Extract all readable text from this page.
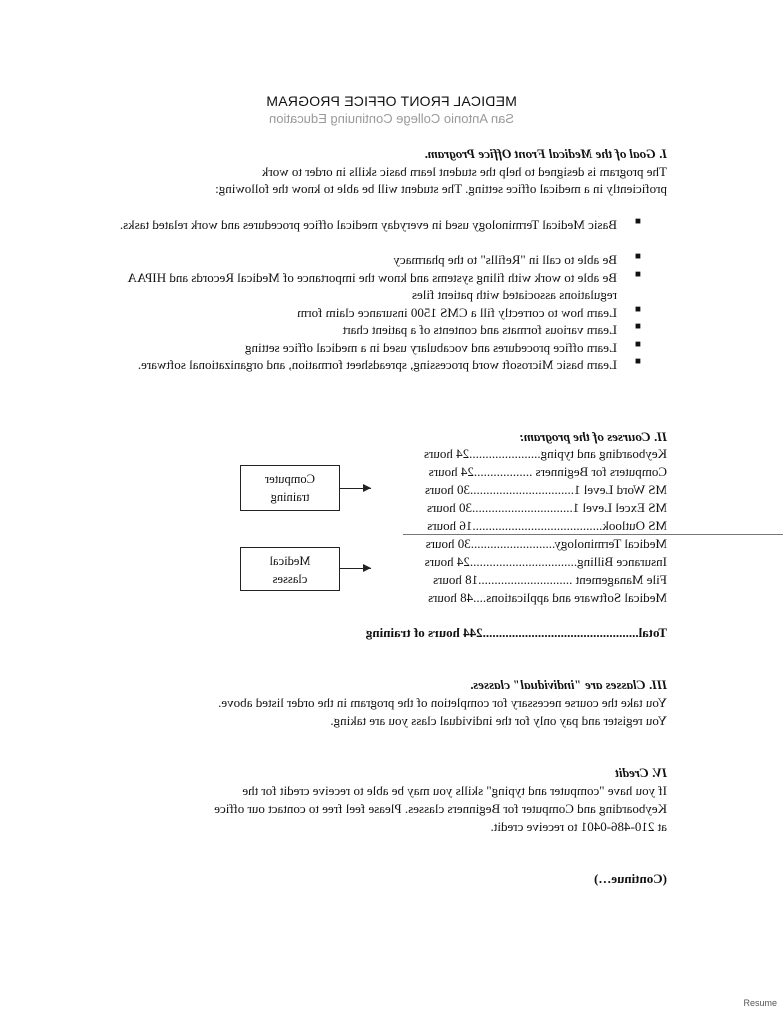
MEDICAL FRONT OFFICE PROGRAM
San Antonio College Continuing Education
I. Goal of the Medical Front Office Program.
The program is designed to help the student learn basic skills in order to work
proficiently in a medical office setting. The student will be able to know the following:
■
Basic Medical Terminology used in everyday medical office procedures and work related tasks.
■
Be able to call in "Refills" to the pharmacy
■
Be able to work with filing systems and know the importance of Medical Records and HIPAA regulations associated with patient files
■
Learn how to correctly fill a CMS 1500 insurance claim form
■
Learn various formats and contents of a patient chart
■
Learn office procedures and vocabulary used in a medical office setting
■
Learn basic Microsoft word processing, spreadsheet formation, and organizational software.
II. Courses of the program:
Keyboarding and typing......................24 hours
Computers for Beginners ..................24 hours
MS Word Level 1................................30 hours
MS Excel Level 1...............................30 hours
MS Outlook........................................16 hours
Medical Terminology..........................30 hours
Insurance Billing.................................24 hours
File Management .............................18 hours
Medical Software and applications....48 hours
Computer
training
Medical
classes
Total................................................244 hours of training
III. Classes are "individual" classes.
You take the course necessary for completion of the program in the order listed above.
You register and pay only for the individual class you are taking.
IV. Credit
If you have "computer and typing" skills you may be able to receive credit for the
Keyboarding and Computer for Beginners classes. Please feel free to contact our office
at 210-486-0401 to receive credit.
(Continue…)
Resume
